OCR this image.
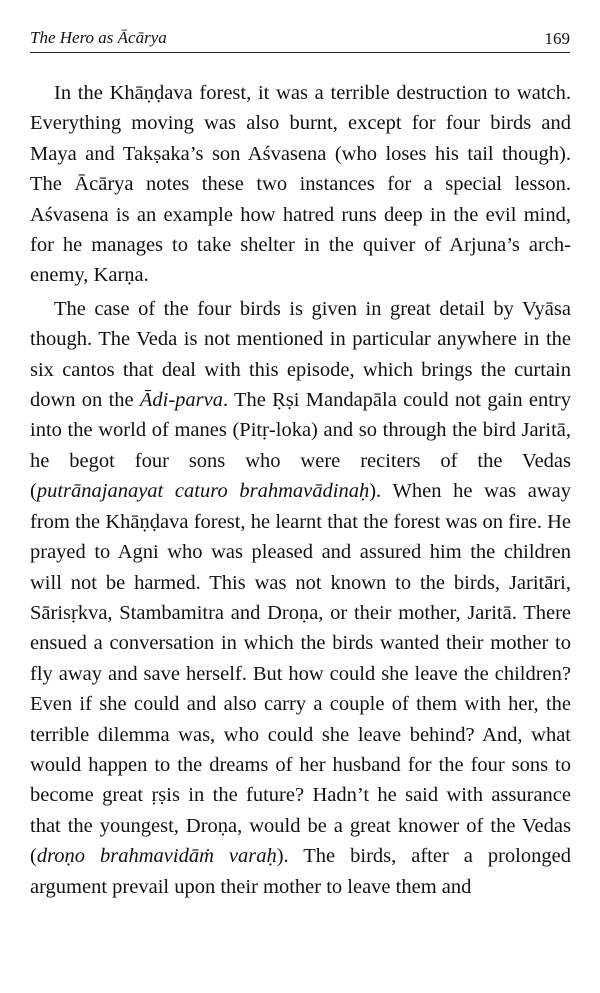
The Hero as Ācārya	169

In the Khāṇḍava forest, it was a terrible destruction to watch. Everything moving was also burnt, except for four birds and Maya and Takṣaka’s son Aśvasena (who loses his tail though). The Ācārya notes these two instances for a special lesson. Aśvasena is an example how hatred runs deep in the evil mind, for he manages to take shelter in the quiver of Arjuna’s arch-enemy, Karṇa.

The case of the four birds is given in great detail by Vyāsa though. The Veda is not mentioned in particular anywhere in the six cantos that deal with this episode, which brings the curtain down on the Ādi-parva. The Ṛṣi Mandapāla could not gain entry into the world of manes (Pitṛ-loka) and so through the bird Jaritā, he begot four sons who were reciters of the Vedas (putrānajanayat caturo brahmavādinaḥ). When he was away from the Khāṇḍava forest, he learnt that the forest was on fire. He prayed to Agni who was pleased and assured him the children will not be harmed. This was not known to the birds, Jaritāri, Sārisṛkva, Stambamitra and Droṇa, or their mother, Jaritā. There ensued a conversation in which the birds wanted their mother to fly away and save herself. But how could she leave the children? Even if she could and also carry a couple of them with her, the terrible dilemma was, who could she leave behind? And, what would happen to the dreams of her husband for the four sons to become great ṛṣis in the future? Hadn’t he said with assurance that the youngest, Droṇa, would be a great knower of the Vedas (droṇo brahmavidāṁ varaḥ). The birds, after a prolonged argument prevail upon their mother to leave them and
